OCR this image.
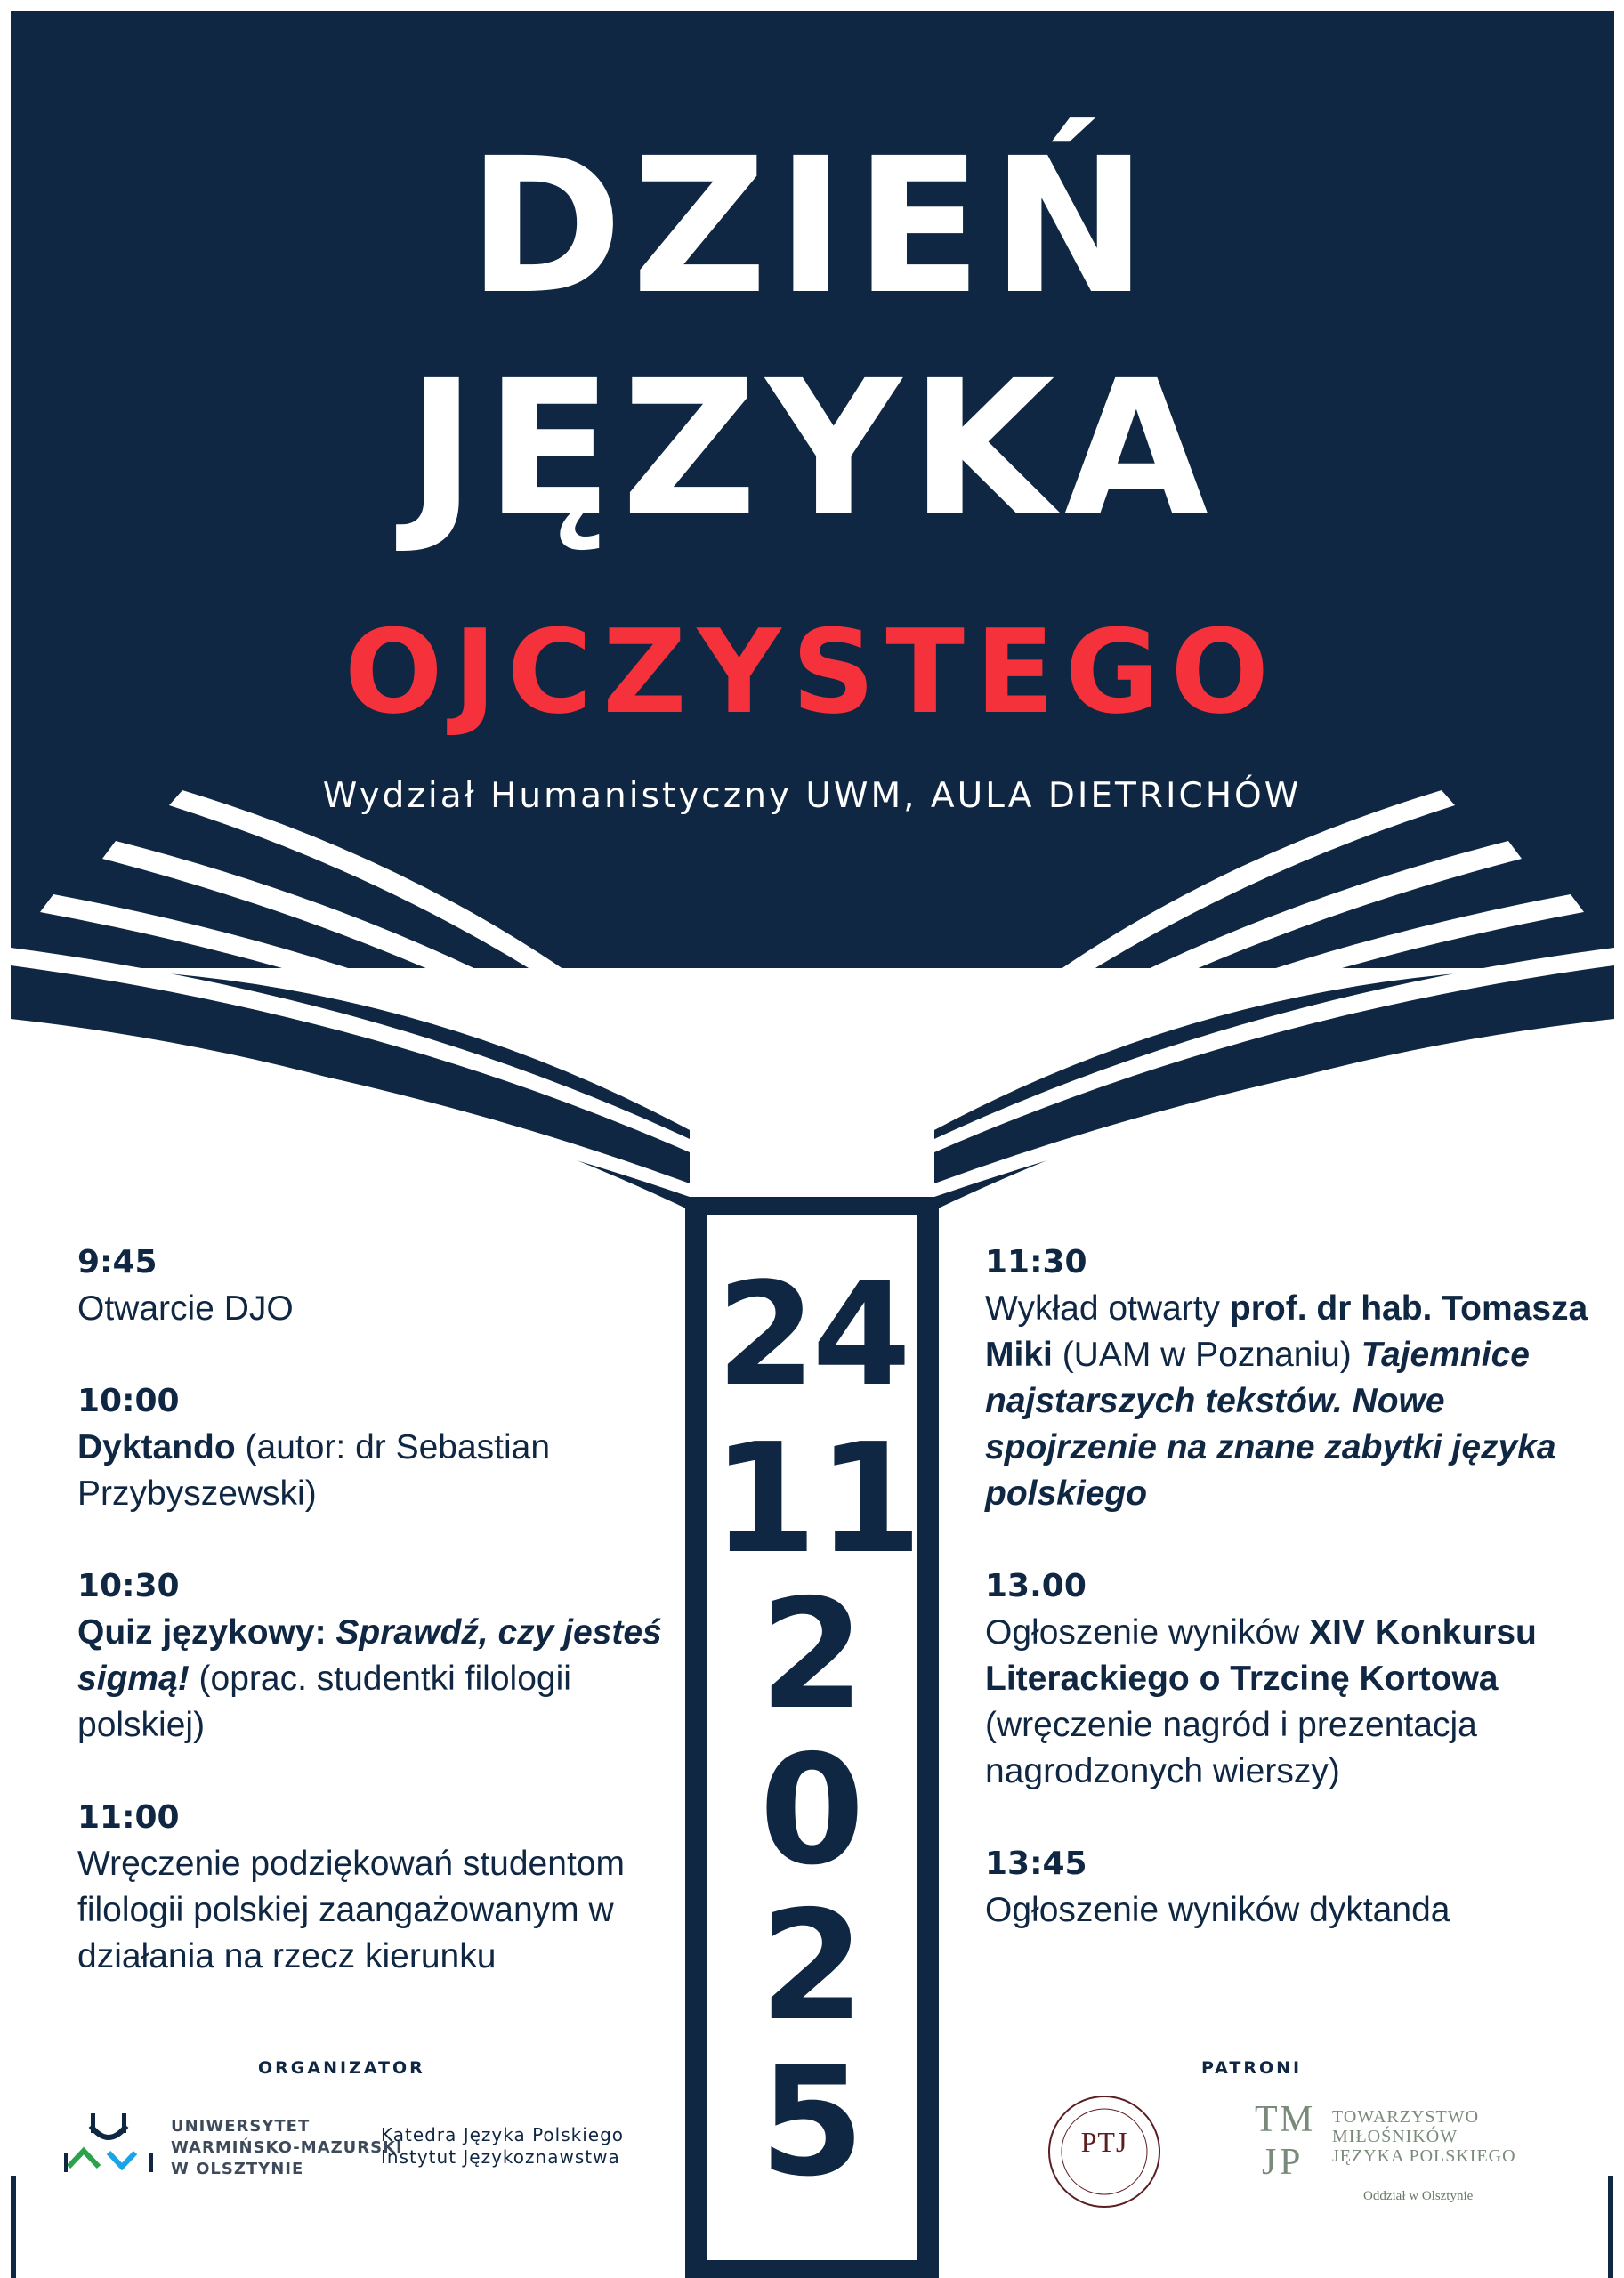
DZIEŃ
JĘZYKA
OJCZYSTEGO
Wydział Humanistyczny UWM, AULA DIETRICHÓW
24
11
2
0
2
5
9:45
Otwarcie DJO
10:00
Dyktando (autor: dr Sebastian Przybyszewski)
10:30
Quiz językowy: Sprawdź, czy jesteś sigmą! (oprac. studentki filologii polskiej)
11:00
Wręczenie podziękowań studentom filologii polskiej zaangażowanym w działania na rzecz kierunku
11:30
Wykład otwarty prof. dr hab. Tomasza Miki (UAM w Poznaniu) Tajemnice najstarszych tekstów. Nowe spojrzenie na znane zabytki języka polskiego
13.00
Ogłoszenie wyników XIV Konkursu Literackiego o Trzcinę Kortowa (wręczenie nagród i prezentacja nagrodzonych wierszy)
13:45
Ogłoszenie wyników dyktanda
ORGANIZATOR	PATRONI
UNIWERSYTET
WARMIŃSKO-MAZURSKI
W OLSZTYNIE
Katedra Języka Polskiego
Instytut Językoznawstwa	PTJ
T M
J P
TOWARZYSTWO
MIŁOŚNIKÓW
JĘZYKA POLSKIEGO
Oddział w Olsztynie
